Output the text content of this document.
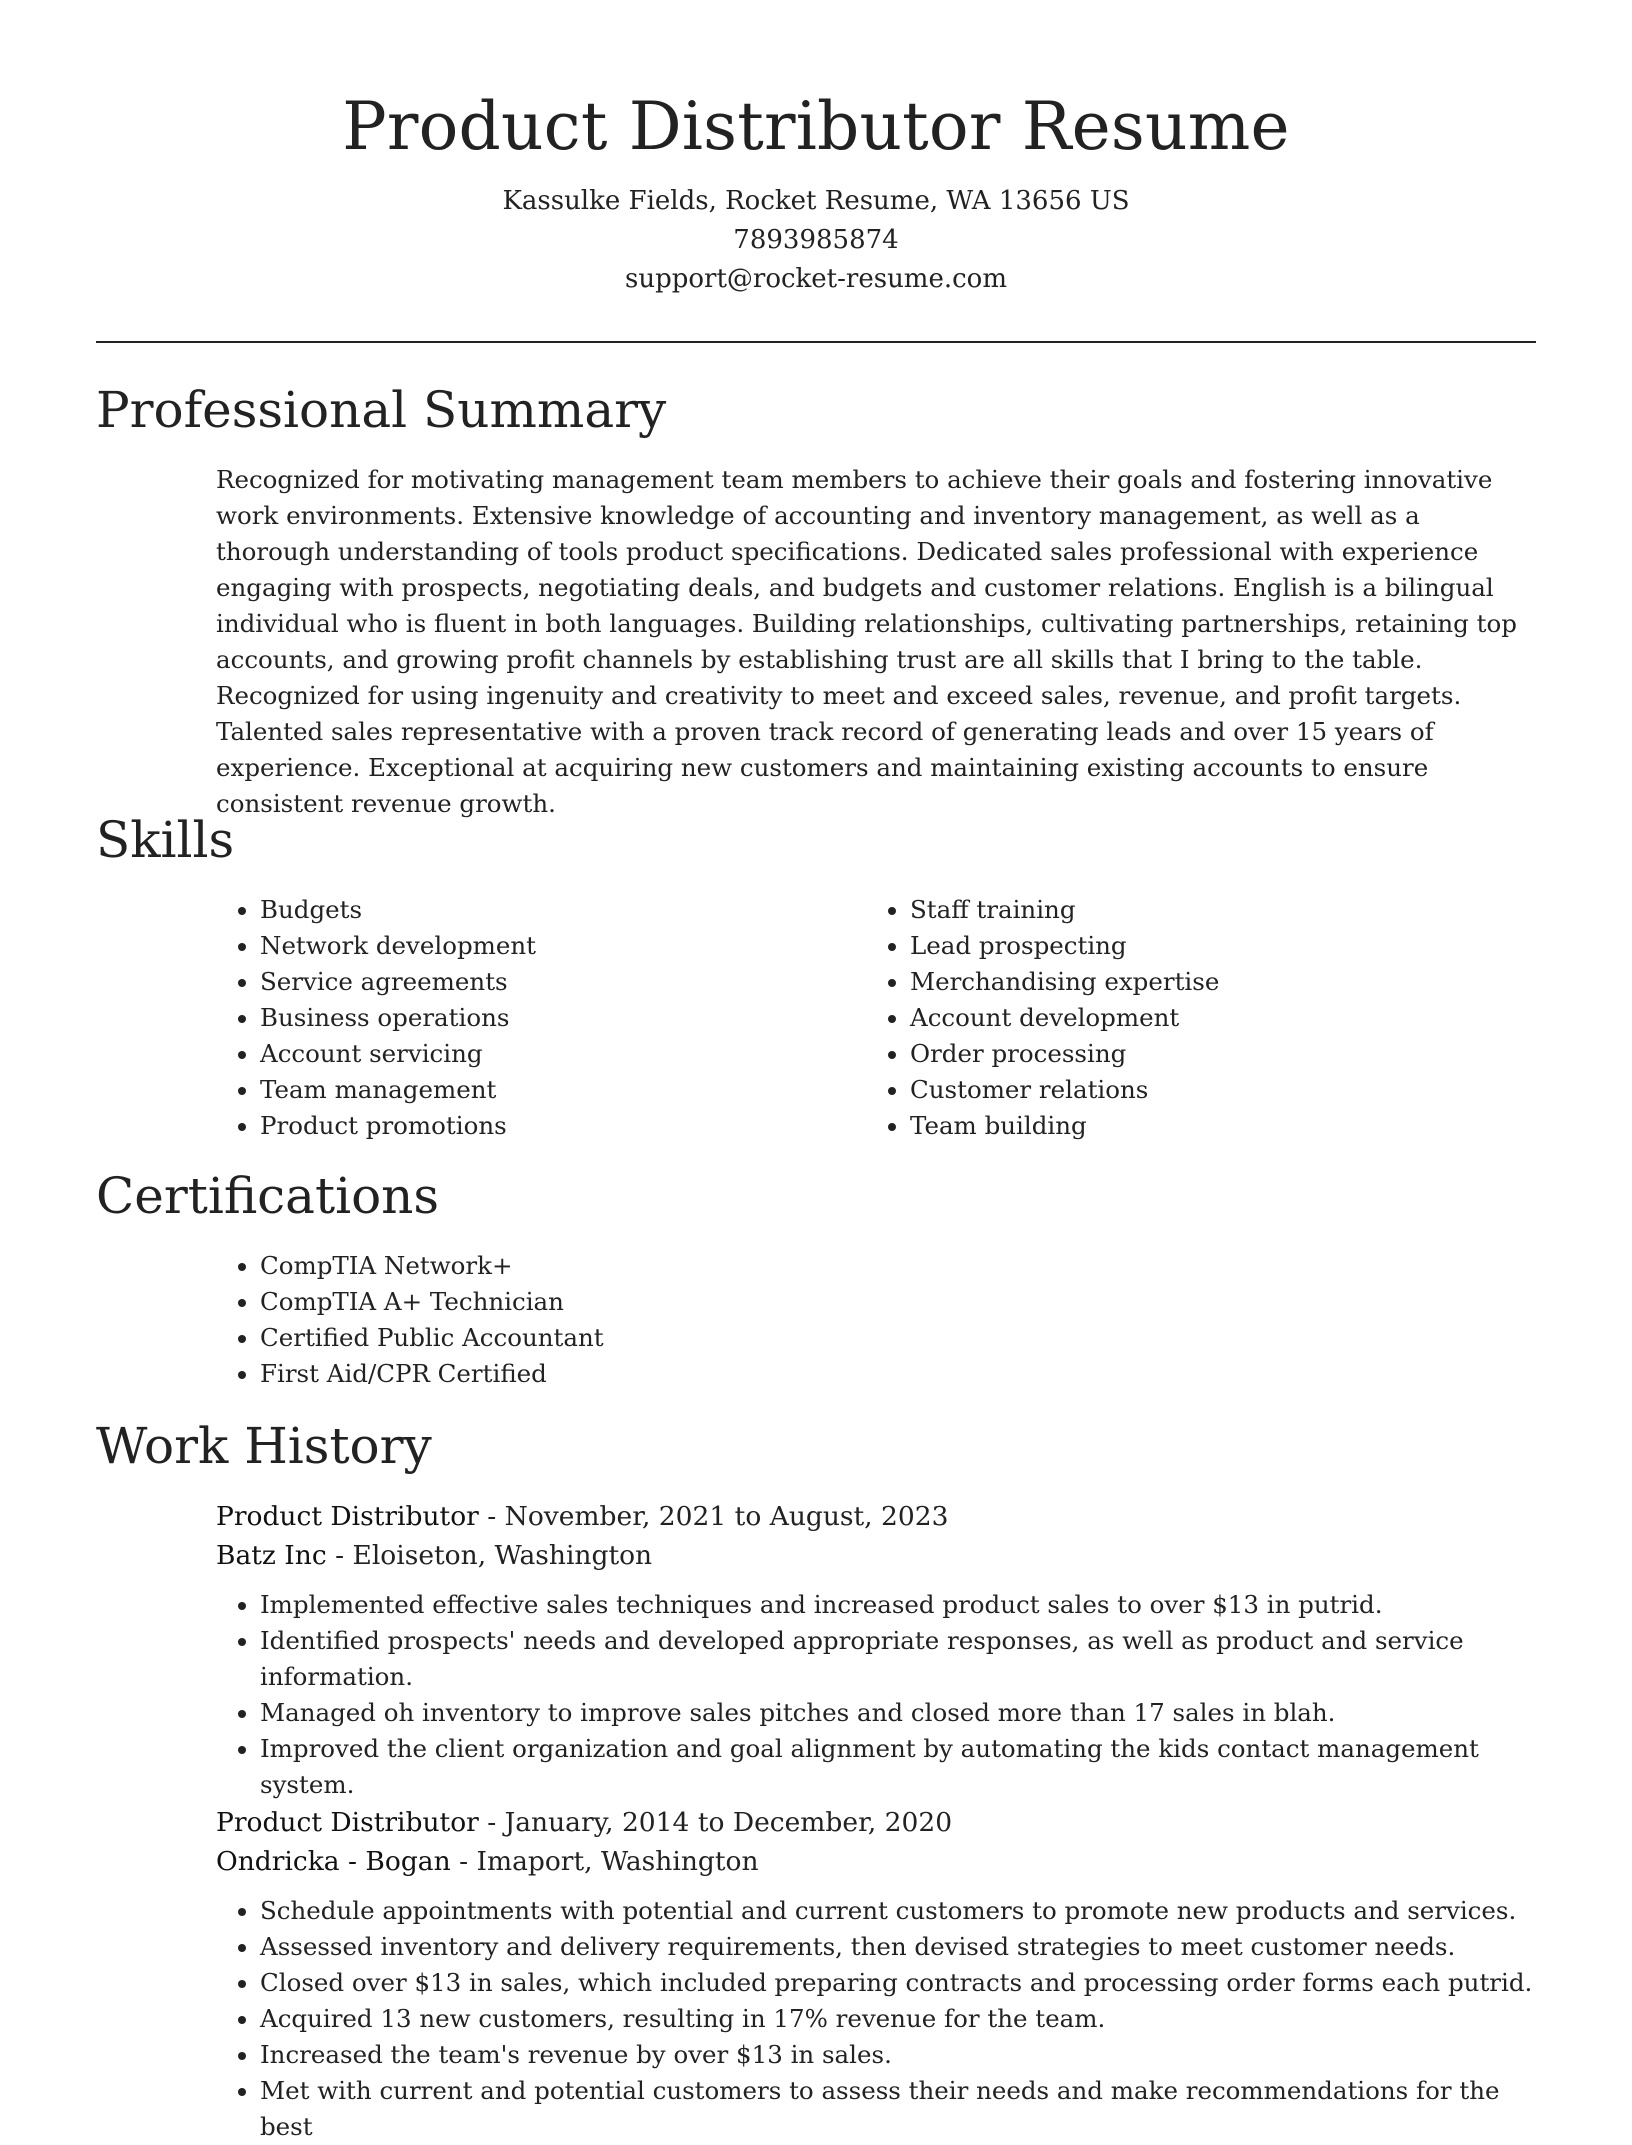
Product Distributor Resume
Kassulke Fields, Rocket Resume, WA 13656 US
7893985874
support@rocket-resume.com
Professional Summary
Recognized for motivating management team members to achieve their goals and fostering innovative work environments. Extensive knowledge of accounting and inventory management, as well as a thorough understanding of tools product specifications. Dedicated sales professional with experience engaging with prospects, negotiating deals, and budgets and customer relations. English is a bilingual individual who is fluent in both languages. Building relationships, cultivating partnerships, retaining top accounts, and growing profit channels by establishing trust are all skills that I bring to the table. Recognized for using ingenuity and creativity to meet and exceed sales, revenue, and profit targets. Talented sales representative with a proven track record of generating leads and over 15 years of experience. Exceptional at acquiring new customers and maintaining existing accounts to ensure consistent revenue growth.
Skills
• Budgets
• Network development
• Service agreements
• Business operations
• Account servicing
• Team management
• Product promotions
• Staff training
• Lead prospecting
• Merchandising expertise
• Account development
• Order processing
• Customer relations
• Team building
Certifications
• CompTIA Network+
• CompTIA A+ Technician
• Certified Public Accountant
• First Aid/CPR Certified
Work History
Product Distributor - November, 2021 to August, 2023
Batz Inc - Eloiseton, Washington
• Implemented effective sales techniques and increased product sales to over $13 in putrid.
• Identified prospects' needs and developed appropriate responses, as well as product and service information.
• Managed oh inventory to improve sales pitches and closed more than 17 sales in blah.
• Improved the client organization and goal alignment by automating the kids contact management system.
Product Distributor - January, 2014 to December, 2020
Ondricka - Bogan - Imaport, Washington
• Schedule appointments with potential and current customers to promote new products and services.
• Assessed inventory and delivery requirements, then devised strategies to meet customer needs.
• Closed over $13 in sales, which included preparing contracts and processing order forms each putrid.
• Acquired 13 new customers, resulting in 17% revenue for the team.
• Increased the team's revenue by over $13 in sales.
• Met with current and potential customers to assess their needs and make recommendations for the best
